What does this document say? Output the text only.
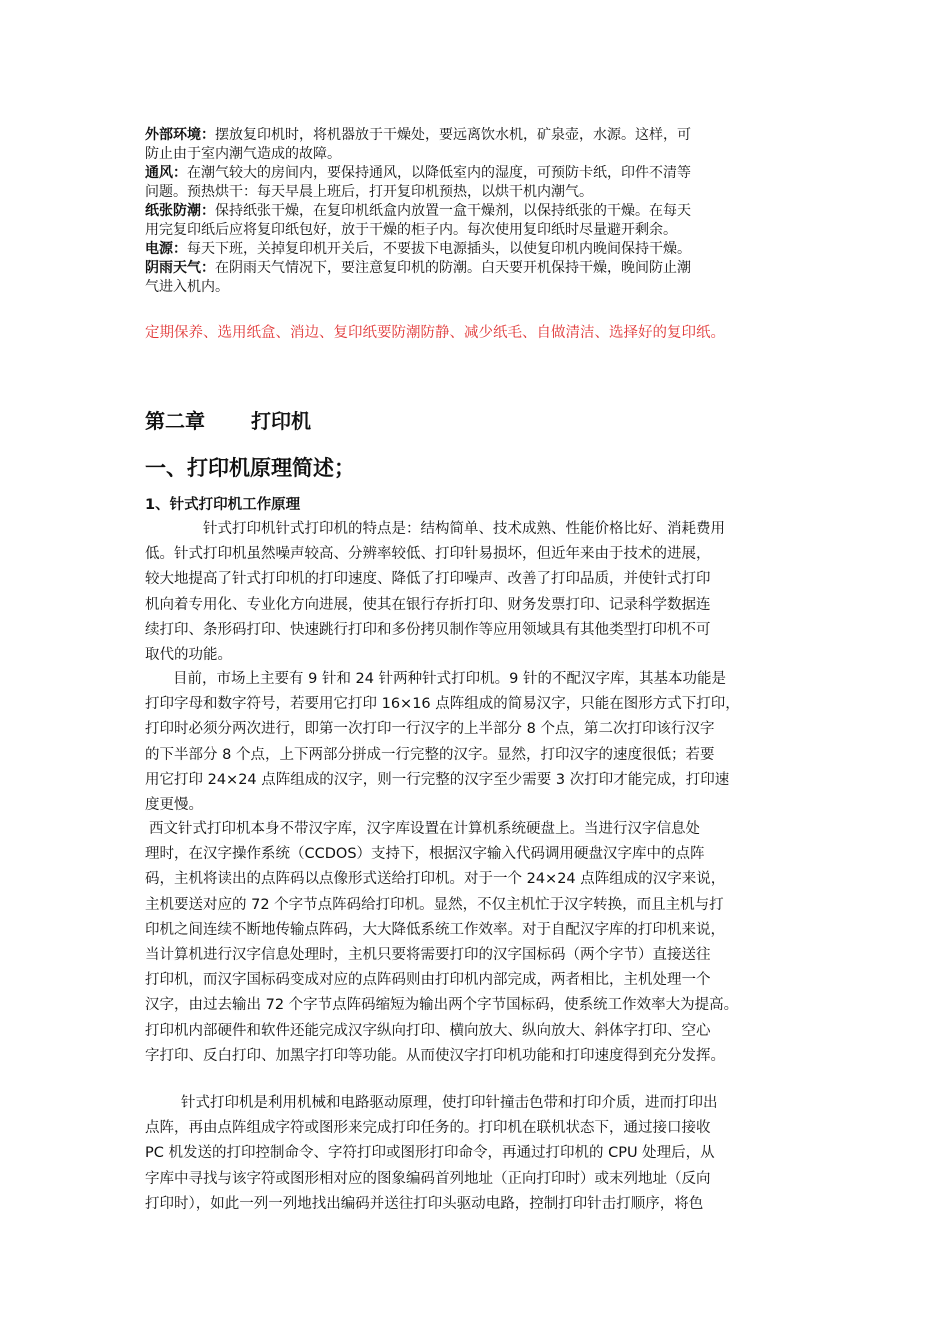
外部环境：摆放复印机时，将机器放于干燥处，要远离饮水机，矿泉壶，水源。这样，可
防止由于室内潮气造成的故障。

通风：在潮气较大的房间内，要保持通风，以降低室内的湿度，可预防卡纸，印件不清等
问题。预热烘干：每天早晨上班后，打开复印机预热，以烘干机内潮气。

纸张防潮：保持纸张干燥，在复印机纸盒内放置一盒干燥剂，以保持纸张的干燥。在每天
用完复印纸后应将复印纸包好，放于干燥的柜子内。每次使用复印纸时尽量避开剩余。

电源：每天下班，关掉复印机开关后，不要拔下电源插头，以使复印机内晚间保持干燥。

阴雨天气：在阴雨天气情况下，要注意复印机的防潮。白天要开机保持干燥，晚间防止潮
气进入机内。

定期保养、选用纸盒、消边、复印纸要防潮防静、减少纸毛、自做清洁、选择好的复印纸。
第二章 打印机
一、打印机原理简述；
1、针式打印机工作原理
针式打印机针式打印机的特点是：结构简单、技术成熟、性能价格比好、消耗费用
低。针式打印机虽然噪声较高、分辨率较低、打印针易损坏，但近年来由于技术的进展，
较大地提高了针式打印机的打印速度、降低了打印噪声、改善了打印品质，并使针式打印
机向着专用化、专业化方向进展，使其在银行存折打印、财务发票打印、记录科学数据连
续打印、条形码打印、快速跳行打印和多份拷贝制作等应用领域具有其他类型打印机不可
取代的功能。
目前，市场上主要有 9 针和 24 针两种针式打印机。9 针的不配汉字库，其基本功能是
打印字母和数字符号，若要用它打印 16×16 点阵组成的简易汉字，只能在图形方式下打印，
打印时必须分两次进行，即第一次打印一行汉字的上半部分 8 个点，第二次打印该行汉字
的下半部分 8 个点，上下两部分拼成一行完整的汉字。显然，打印汉字的速度很低；若要
用它打印 24×24 点阵组成的汉字，则一行完整的汉字至少需要 3 次打印才能完成，打印速
度更慢。
西文针式打印机本身不带汉字库，汉字库设置在计算机系统硬盘上。当进行汉字信息处
理时，在汉字操作系统（CCDOS）支持下，根据汉字输入代码调用硬盘汉字库中的点阵
码，主机将读出的点阵码以点像形式送给打印机。对于一个 24×24 点阵组成的汉字来说，
主机要送对应的 72 个字节点阵码给打印机。显然，不仅主机忙于汉字转换，而且主机与打
印机之间连续不断地传输点阵码，大大降低系统工作效率。对于自配汉字库的打印机来说，
当计算机进行汉字信息处理时，主机只要将需要打印的汉字国标码（两个字节）直接送往
打印机，而汉字国标码变成对应的点阵码则由打印机内部完成，两者相比，主机处理一个
汉字，由过去输出 72 个字节点阵码缩短为输出两个字节国标码，使系统工作效率大为提高。
打印机内部硬件和软件还能完成汉字纵向打印、横向放大、纵向放大、斜体字打印、空心
字打印、反白打印、加黑字打印等功能。从而使汉字打印机功能和打印速度得到充分发挥。
针式打印机是利用机械和电路驱动原理，使打印针撞击色带和打印介质，进而打印出
点阵，再由点阵组成字符或图形来完成打印任务的。打印机在联机状态下，通过接口接收
PC 机发送的打印控制命令、字符打印或图形打印命令，再通过打印机的 CPU 处理后，从
字库中寻找与该字符或图形相对应的图象编码首列地址（正向打印时）或末列地址（反向
打印时），如此一列一列地找出编码并送往打印头驱动电路，控制打印针击打顺序，将色
